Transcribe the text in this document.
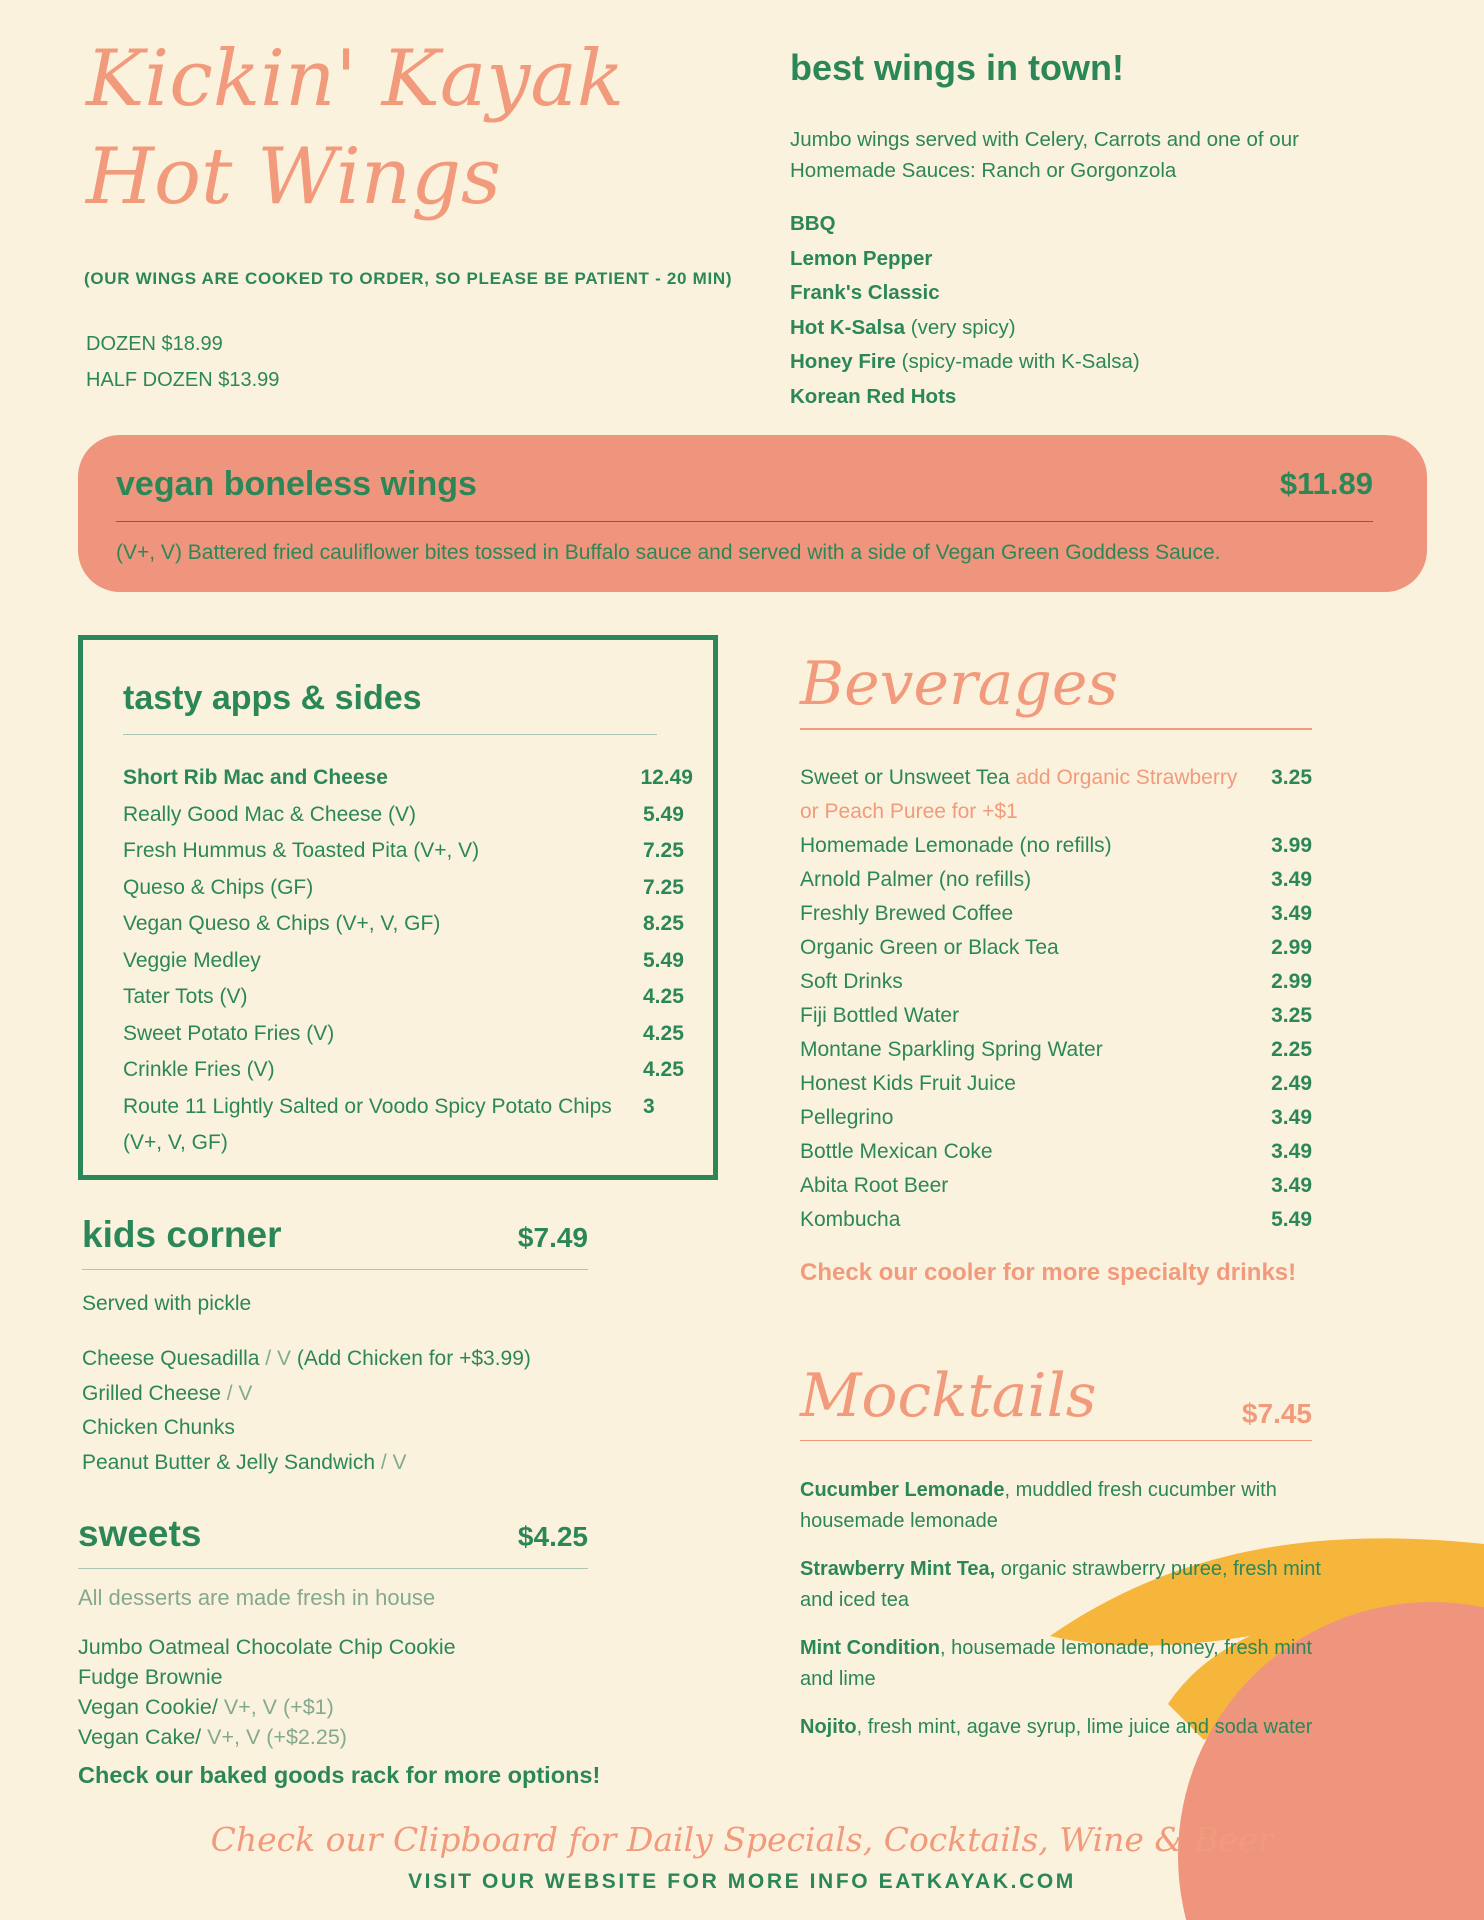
Kickin' Kayak
Hot Wings
(OUR WINGS ARE COOKED TO ORDER, SO PLEASE BE PATIENT - 20 MIN)
DOZEN $18.99
HALF DOZEN $13.99
best wings in town!
Jumbo wings served with Celery, Carrots and one of our Homemade Sauces: Ranch or Gorgonzola
BBQ
Lemon Pepper
Frank's Classic
Hot K-Salsa (very spicy)
Honey Fire (spicy-made with K-Salsa)
Korean Red Hots
vegan boneless wings	$11.89
(V+, V) Battered fried cauliflower bites tossed in Buffalo sauce and served with a side of Vegan Green Goddess Sauce.
tasty apps & sides
Short Rib Mac and Cheese	12.49
Really Good Mac & Cheese (V)	5.49
Fresh Hummus & Toasted Pita (V+, V)	7.25
Queso & Chips (GF)	7.25
Vegan Queso & Chips (V+, V, GF)	8.25
Veggie Medley	5.49
Tater Tots (V)	4.25
Sweet Potato Fries (V)	4.25
Crinkle Fries (V)	4.25
Route 11 Lightly Salted or Voodo Spicy Potato Chips (V+, V, GF)
3
Beverages
Sweet or Unsweet Tea add Organic Strawberry or Peach Puree for +$1
3.25
Homemade Lemonade (no refills)	3.99
Arnold Palmer (no refills)	3.49
Freshly Brewed Coffee	3.49
Organic Green or Black Tea	2.99
Soft Drinks	2.99
Fiji Bottled Water	3.25
Montane Sparkling Spring Water	2.25
Honest Kids Fruit Juice	2.49
Pellegrino	3.49
Bottle Mexican Coke	3.49
Abita Root Beer	3.49
Kombucha	5.49
Check our cooler for more specialty drinks!
kids corner	$7.49
Served with pickle
Cheese Quesadilla / V (Add Chicken for +$3.99)
Grilled Cheese / V
Chicken Chunks
Peanut Butter & Jelly Sandwich / V
sweets	$4.25
All desserts are made fresh in house
Jumbo Oatmeal Chocolate Chip Cookie
Fudge Brownie
Vegan Cookie/ V+, V (+$1)
Vegan Cake/ V+, V (+$2.25)
Check our baked goods rack for more options!
Mocktails	$7.45

Cucumber Lemonade, muddled fresh cucumber with housemade lemonade

Strawberry Mint Tea, organic strawberry puree, fresh mint and iced tea

Mint Condition, housemade lemonade, honey, fresh mint and lime

Nojito, fresh mint, agave syrup, lime juice and soda water

Check our Clipboard for Daily Specials, Cocktails, Wine & Beer
VISIT OUR WEBSITE FOR MORE INFO EATKAYAK.COM
